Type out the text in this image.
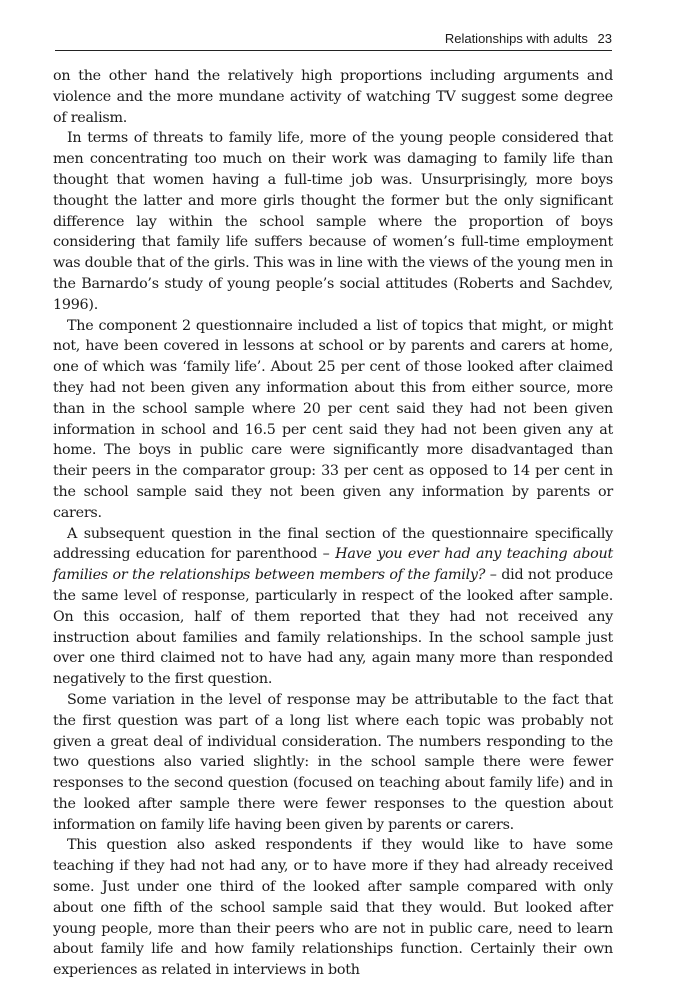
Relationships with adults 23

on the other hand the relatively high proportions including arguments and violence and the more mundane activity of watching TV suggest some degree of realism.

In terms of threats to family life, more of the young people considered that men concentrating too much on their work was damaging to family life than thought that women having a full-time job was. Unsurprisingly, more boys thought the latter and more girls thought the former but the only significant difference lay within the school sample where the proportion of boys considering that family life suffers because of women’s full-time employment was double that of the girls. This was in line with the views of the young men in the Barnardo’s study of young people’s social attitudes (Roberts and Sachdev, 1996).

The component 2 questionnaire included a list of topics that might, or might not, have been covered in lessons at school or by parents and carers at home, one of which was ‘family life’. About 25 per cent of those looked after claimed they had not been given any information about this from either source, more than in the school sample where 20 per cent said they had not been given information in school and 16.5 per cent said they had not been given any at home. The boys in public care were significantly more disadvantaged than their peers in the comparator group: 33 per cent as opposed to 14 per cent in the school sample said they not been given any information by parents or carers.

A subsequent question in the final section of the questionnaire specifically addressing education for parenthood – Have you ever had any teaching about families or the relationships between members of the family? – did not produce the same level of response, particularly in respect of the looked after sample. On this occasion, half of them reported that they had not received any instruction about families and family relationships. In the school sample just over one third claimed not to have had any, again many more than responded negatively to the first question.

Some variation in the level of response may be attributable to the fact that the first question was part of a long list where each topic was probably not given a great deal of individual consideration. The numbers responding to the two questions also varied slightly: in the school sample there were fewer responses to the second question (focused on teaching about family life) and in the looked after sample there were fewer responses to the question about information on family life having been given by parents or carers.

This question also asked respondents if they would like to have some teaching if they had not had any, or to have more if they had already received some. Just under one third of the looked after sample compared with only about one fifth of the school sample said that they would. But looked after young people, more than their peers who are not in public care, need to learn about family life and how family relationships function. Certainly their own experiences as related in interviews in both
